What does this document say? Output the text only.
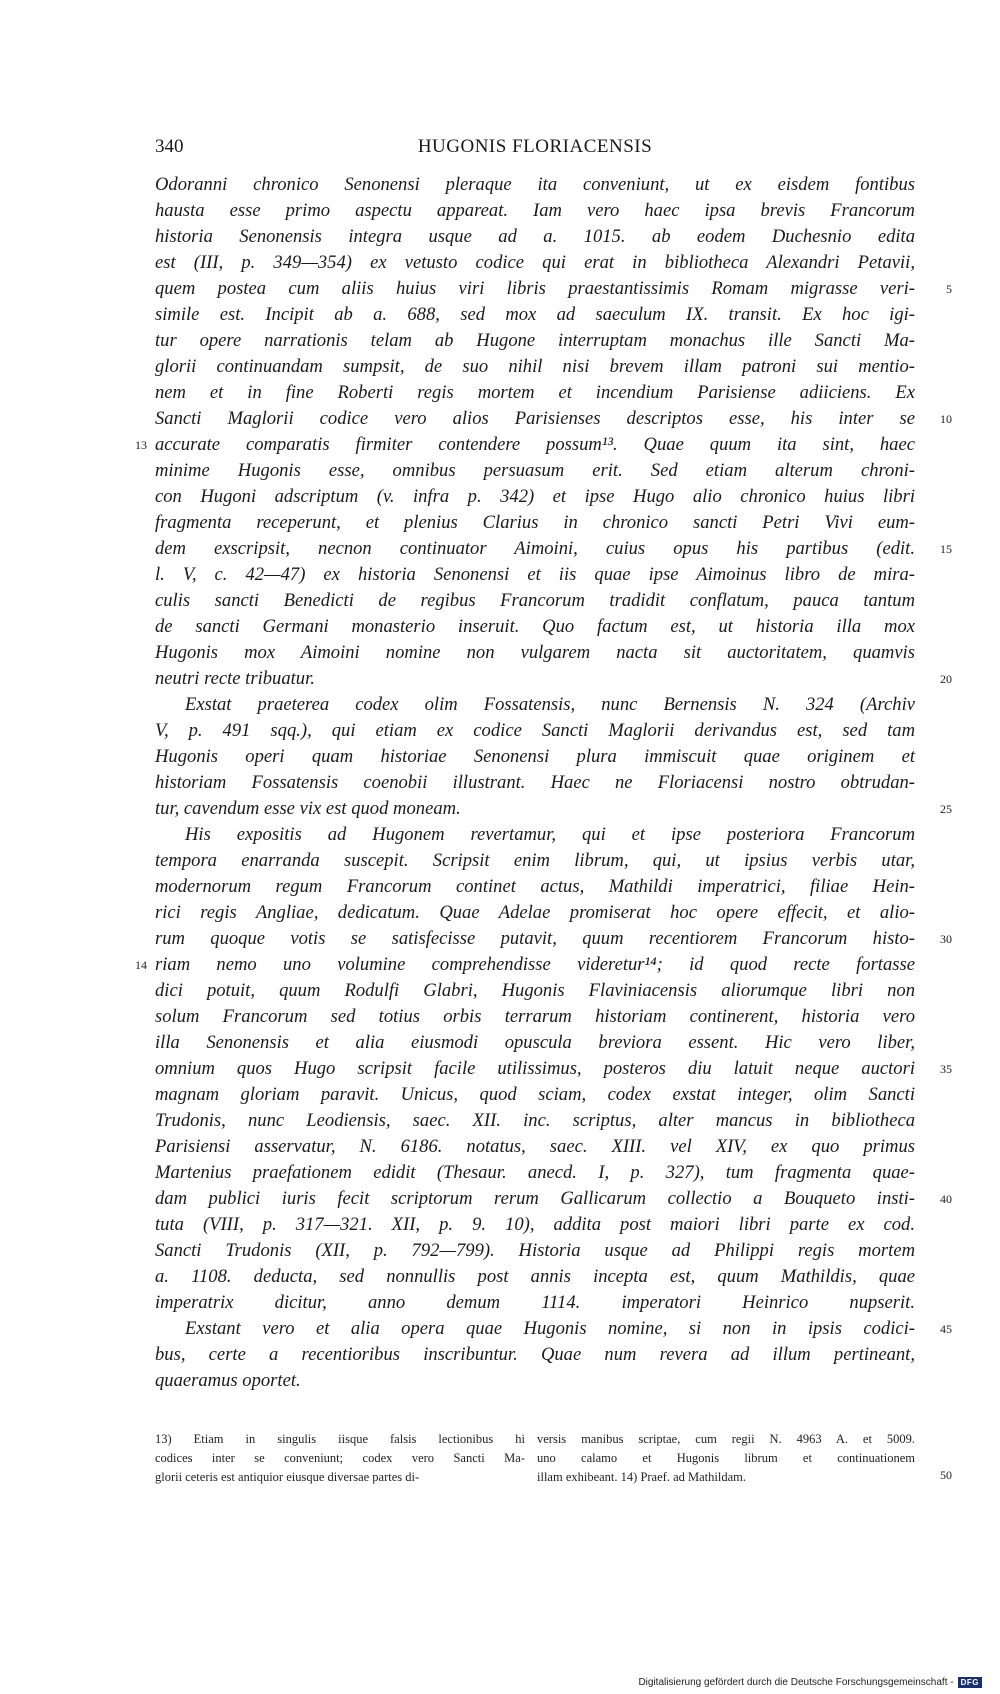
340	HUGONIS FLORIACENSIS
Odoranni chronico Senonensi pleraque ita conveniunt, ut ex eisdem fontibus
hausta esse primo aspectu appareat. Iam vero haec ipsa brevis Francorum
historia Senonensis integra usque ad a. 1015. ab eodem Duchesnio edita
est (III, p. 349—354) ex vetusto codice qui erat in bibliotheca Alexandri Petavii,
quem postea cum aliis huius viri libris praestantissimis Romam migrasse veri-	5
simile est. Incipit ab a. 688, sed mox ad saeculum IX. transit. Ex hoc igi-
tur opere narrationis telam ab Hugone interruptam monachus ille Sancti Ma-
glorii continuandam sumpsit, de suo nihil nisi brevem illam patroni sui mentio-
nem et in fine Roberti regis mortem et incendium Parisiense adiiciens. Ex
Sancti Maglorii codice vero alios Parisienses descriptos esse, his inter se 10
accurate comparatis firmiter contendere possum¹³. Quae quum ita sint, haec
13
minime Hugonis esse, omnibus persuasum erit. Sed etiam alterum chroni-
con Hugoni adscriptum (v. infra p. 342) et ipse Hugo alio chronico huius libri
fragmenta receperunt, et plenius Clarius in chronico sancti Petri Vivi eum-
dem exscripsit, necnon continuator Aimoini, cuius opus his partibus (edit. 15
l. V, c. 42—47) ex historia Senonensi et iis quae ipse Aimoinus libro de mira-
culis sancti Benedicti de regibus Francorum tradidit conflatum, pauca tantum
de sancti Germani monasterio inseruit. Quo factum est, ut historia illa mox
Hugonis mox Aimoini nomine non vulgarem nacta sit auctoritatem, quamvis
neutri recte tribuatur.	20
Exstat praeterea codex olim Fossatensis, nunc Bernensis N. 324 (Archiv
V, p. 491 sqq.), qui etiam ex codice Sancti Maglorii derivandus est, sed tam
Hugonis operi quam historiae Senonensi plura immiscuit quae originem et
historiam Fossatensis coenobii illustrant. Haec ne Floriacensi nostro obtrudan-
tur, cavendum esse vix est quod moneam.	25
His expositis ad Hugonem revertamur, qui et ipse posteriora Francorum
tempora enarranda suscepit. Scripsit enim librum, qui, ut ipsius verbis utar,
modernorum regum Francorum continet actus, Mathildi imperatrici, filiae Hein-
rici regis Angliae, dedicatum. Quae Adelae promiserat hoc opere effecit, et alio-
rum quoque votis se satisfecisse putavit, quum recentiorem Francorum histo- 30
riam nemo uno volumine comprehendisse videretur¹⁴; id quod recte fortasse
14
dici potuit, quum Rodulfi Glabri, Hugonis Flaviniacensis aliorumque libri non
solum Francorum sed totius orbis terrarum historiam continerent, historia vero
illa Senonensis et alia eiusmodi opuscula breviora essent. Hic vero liber,
omnium quos Hugo scripsit facile utilissimus, posteros diu latuit neque auctori 35
magnam gloriam paravit. Unicus, quod sciam, codex exstat integer, olim Sancti
Trudonis, nunc Leodiensis, saec. XII. inc. scriptus, alter mancus in bibliotheca
Parisiensi asservatur, N. 6186. notatus, saec. XIII. vel XIV, ex quo primus
Martenius praefationem edidit (Thesaur. anecd. I, p. 327), tum fragmenta quae-
dam publici iuris fecit scriptorum rerum Gallicarum collectio a Bouqueto insti- 40
tuta (VIII, p. 317—321. XII, p. 9. 10), addita post maiori libri parte ex cod.
Sancti Trudonis (XII, p. 792—799). Historia usque ad Philippi regis mortem
a. 1108. deducta, sed nonnullis post annis incepta est, quum Mathildis, quae
imperatrix dicitur, anno demum 1114. imperatori Heinrico nupserit.
Exstant vero et alia opera quae Hugonis nomine, si non in ipsis codici- 45
bus, certe a recentioribus inscribuntur. Quae num revera ad illum pertineant,
quaeramus oportet.
13) Etiam in singulis iisque falsis lectionibus hi
codices inter se conveniunt; codex vero Sancti Ma-
glorii ceteris est antiquior eiusque diversae partes di-
versis manibus scriptae, cum regii N. 4963 A. et 5009.
uno calamo et Hugonis librum et continuationem
illam exhibeant. 14) Praef. ad Mathildam.	50
Digitalisierung gefördert durch die Deutsche Forschungsgemeinschaft - DFG
